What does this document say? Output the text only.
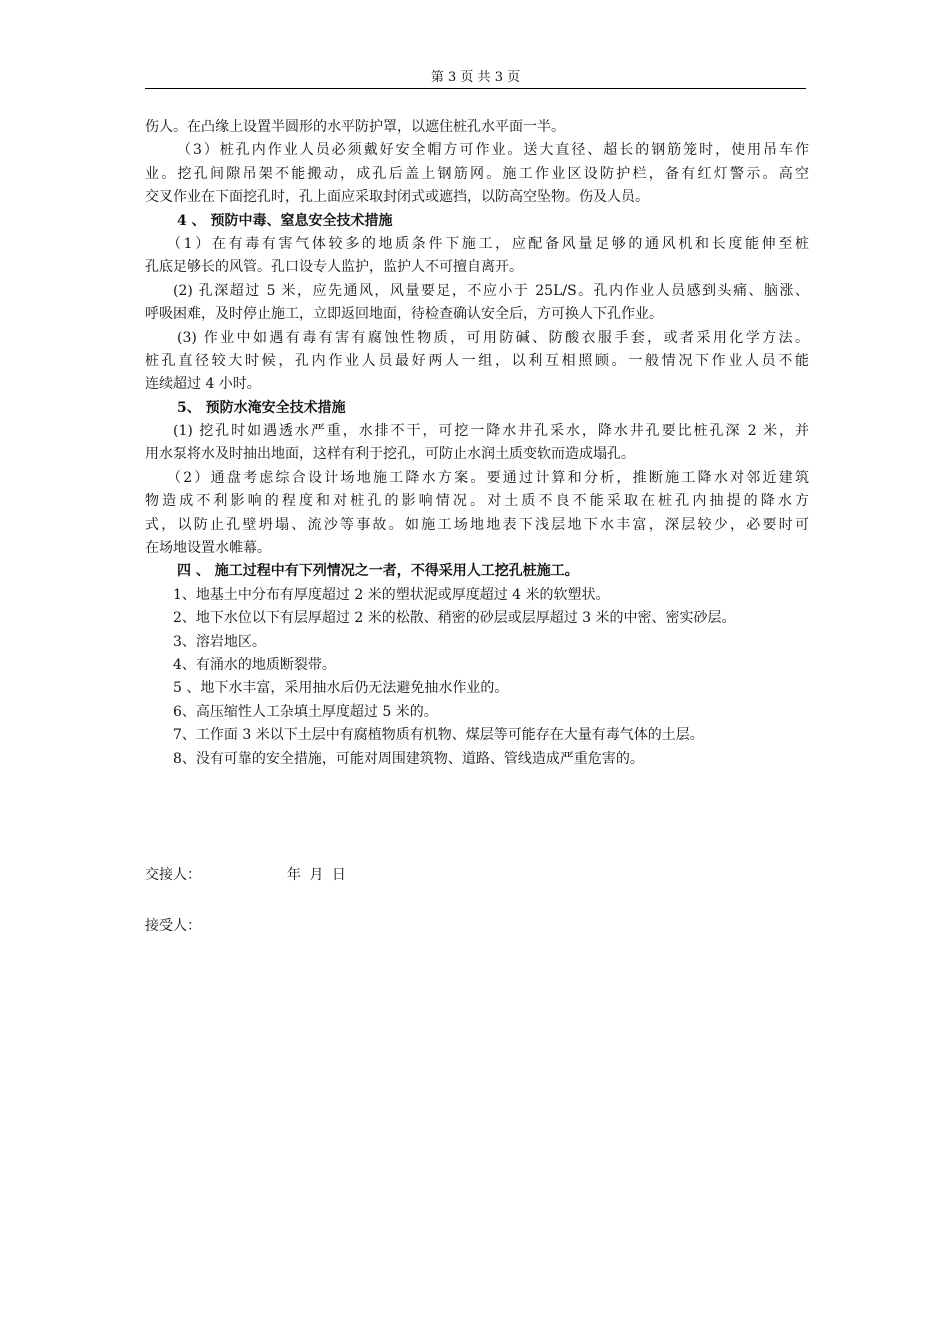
第 3 页 共 3 页
伤人。在凸缘上设置半圆形的水平防护罩，以遮住桩孔水平面一半。
（3）桩孔内作业人员必须戴好安全帽方可作业。送大直径、超长的钢筋笼时，使用吊车作
业。挖孔间隙吊架不能搬动，成孔后盖上钢筋网。施工作业区设防护栏，备有红灯警示。高空
交叉作业在下面挖孔时，孔上面应采取封闭式或遮挡，以防高空坠物。伤及人员。
4 、 预防中毒、窒息安全技术措施
（1）在有毒有害气体较多的地质条件下施工，应配备风量足够的通风机和长度能伸至桩
孔底足够长的风管。孔口设专人监护，监护人不可擅自离开。
(2) 孔深超过 5 米，应先通风，风量要足，不应小于 25L/S。孔内作业人员感到头痛、脑涨、
呼吸困难，及时停止施工，立即返回地面，待检查确认安全后，方可换人下孔作业。
(3) 作业中如遇有毒有害有腐蚀性物质，可用防碱、防酸衣服手套，或者采用化学方法。
桩孔直径较大时候，孔内作业人员最好两人一组，以利互相照顾。一般情况下作业人员不能
连续超过 4 小时。
5、 预防水淹安全技术措施
(1) 挖孔时如遇透水严重，水排不干，可挖一降水井孔采水，降水井孔要比桩孔深 2 米，并
用水泵将水及时抽出地面，这样有利于挖孔，可防止水润土质变软而造成塌孔。
（2）通盘考虑综合设计场地施工降水方案。要通过计算和分析，推断施工降水对邻近建筑
物造成不利影响的程度和对桩孔的影响情况。对土质不良不能采取在桩孔内抽提的降水方
式，以防止孔壁坍塌、流沙等事故。如施工场地地表下浅层地下水丰富，深层较少，必要时可
在场地设置水帷幕。
四 、 施工过程中有下列情况之一者，不得采用人工挖孔桩施工。
1、地基土中分布有厚度超过 2 米的塑状泥或厚度超过 4 米的软塑状。
2、地下水位以下有层厚超过 2 米的松散、稍密的砂层或层厚超过 3 米的中密、密实砂层。
3、溶岩地区。
4、有涌水的地质断裂带。
5 、地下水丰富，采用抽水后仍无法避免抽水作业的。
6、高压缩性人工杂填土厚度超过 5 米的。
7、工作面 3 米以下土层中有腐植物质有机物、煤层等可能存在大量有毒气体的土层。
8、没有可靠的安全措施，可能对周围建筑物、道路、管线造成严重危害的。
交接人：	年 月 日
接受人：
